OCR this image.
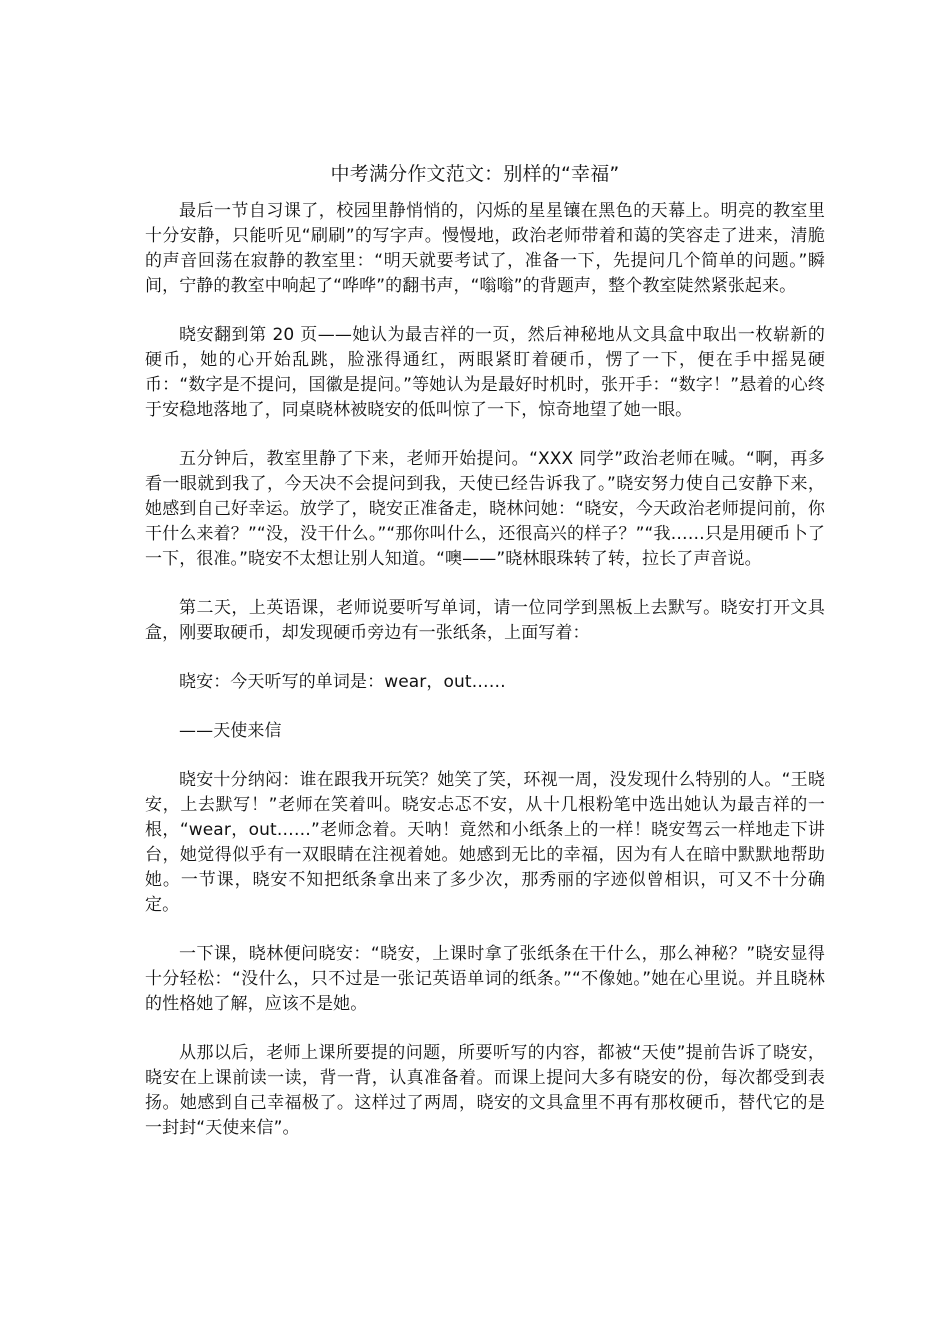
中考满分作文范文：别样的“幸福”

最后一节自习课了，校园里静悄悄的，闪烁的星星镶在黑色的天幕上。明亮的教室里十分安静，只能听见“刷刷”的写字声。慢慢地，政治老师带着和蔼的笑容走了进来，清脆的声音回荡在寂静的教室里：“明天就要考试了，准备一下，先提问几个简单的问题。”瞬间，宁静的教室中响起了“哗哗”的翻书声，“嗡嗡”的背题声，整个教室陡然紧张起来。

晓安翻到第 20 页——她认为最吉祥的一页，然后神秘地从文具盒中取出一枚崭新的硬币，她的心开始乱跳，脸涨得通红，两眼紧盯着硬币，愣了一下，便在手中摇晃硬币：“数字是不提问，国徽是提问。”等她认为是最好时机时，张开手：“数字！”悬着的心终于安稳地落地了，同桌晓林被晓安的低叫惊了一下，惊奇地望了她一眼。

五分钟后，教室里静了下来，老师开始提问。“XXX 同学”政治老师在喊。“啊，再多看一眼就到我了，今天决不会提问到我，天使已经告诉我了。”晓安努力使自己安静下来，她感到自己好幸运。放学了，晓安正准备走，晓林问她：“晓安，今天政治老师提问前，你干什么来着？”“没，没干什么。”“那你叫什么，还很高兴的样子？”“我……只是用硬币卜了一下，很准。”晓安不太想让别人知道。“噢——”晓林眼珠转了转，拉长了声音说。

第二天，上英语课，老师说要听写单词，请一位同学到黑板上去默写。晓安打开文具盒，刚要取硬币，却发现硬币旁边有一张纸条，上面写着：

晓安：今天听写的单词是：wear，out……

——天使来信

晓安十分纳闷：谁在跟我开玩笑？她笑了笑，环视一周，没发现什么特别的人。“王晓安，上去默写！”老师在笑着叫。晓安忐忑不安，从十几根粉笔中选出她认为最吉祥的一根，“wear，out……”老师念着。天呐！竟然和小纸条上的一样！晓安驾云一样地走下讲台，她觉得似乎有一双眼睛在注视着她。她感到无比的幸福，因为有人在暗中默默地帮助她。一节课，晓安不知把纸条拿出来了多少次，那秀丽的字迹似曾相识，可又不十分确定。

一下课，晓林便问晓安：“晓安，上课时拿了张纸条在干什么，那么神秘？”晓安显得十分轻松：“没什么，只不过是一张记英语单词的纸条。”“不像她。”她在心里说。并且晓林的性格她了解，应该不是她。

从那以后，老师上课所要提的问题，所要听写的内容，都被“天使”提前告诉了晓安，晓安在上课前读一读，背一背，认真准备着。而课上提问大多有晓安的份，每次都受到表扬。她感到自己幸福极了。这样过了两周，晓安的文具盒里不再有那枚硬币，替代它的是一封封“天使来信”。
